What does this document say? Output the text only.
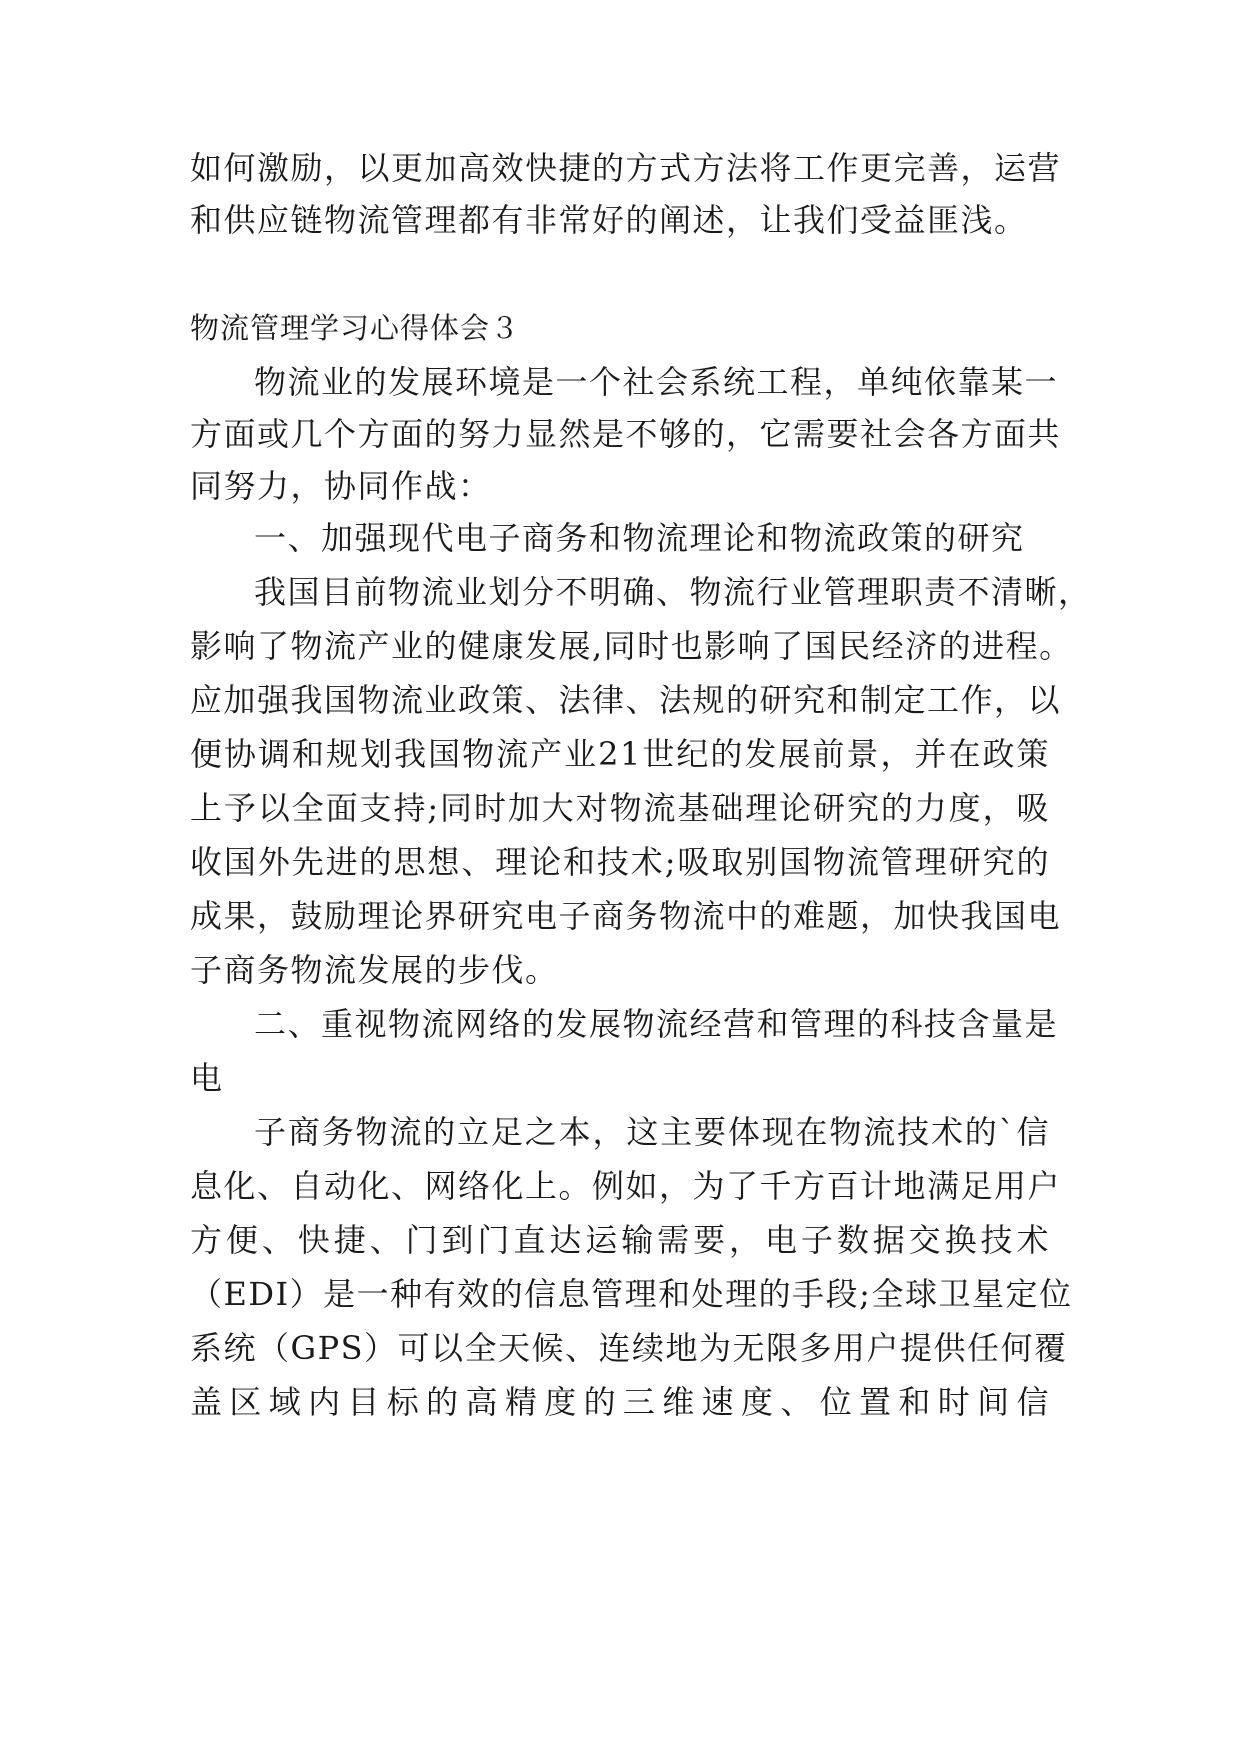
如何激励，以更加高效快捷的方式方法将工作更完善，运营
和供应链物流管理都有非常好的阐述，让我们受益匪浅。
物流管理学习心得体会３
物流业的发展环境是一个社会系统工程，单纯依靠某一
方面或几个方面的努力显然是不够的，它需要社会各方面共
同努力，协同作战：
一、加强现代电子商务和物流理论和物流政策的研究
我国目前物流业划分不明确、物流行业管理职责不清晰，
影响了物流产业的健康发展,同时也影响了国民经济的进程。
应加强我国物流业政策、法律、法规的研究和制定工作，以
便协调和规划我国物流产业21世纪的发展前景，并在政策
上予以全面支持;同时加大对物流基础理论研究的力度，吸
收国外先进的思想、理论和技术;吸取别国物流管理研究的
成果，鼓励理论界研究电子商务物流中的难题，加快我国电
子商务物流发展的步伐。
二、重视物流网络的发展物流经营和管理的科技含量是
电
子商务物流的立足之本，这主要体现在物流技术的`信
息化、自动化、网络化上。例如，为了千方百计地满足用户
方便、快捷、门到门直达运输需要，电子数据交换技术
（EDI）是一种有效的信息管理和处理的手段;全球卫星定位
系统（GPS）可以全天候、连续地为无限多用户提供任何覆
盖区域内目标的高精度的三维速度、位置和时间信
